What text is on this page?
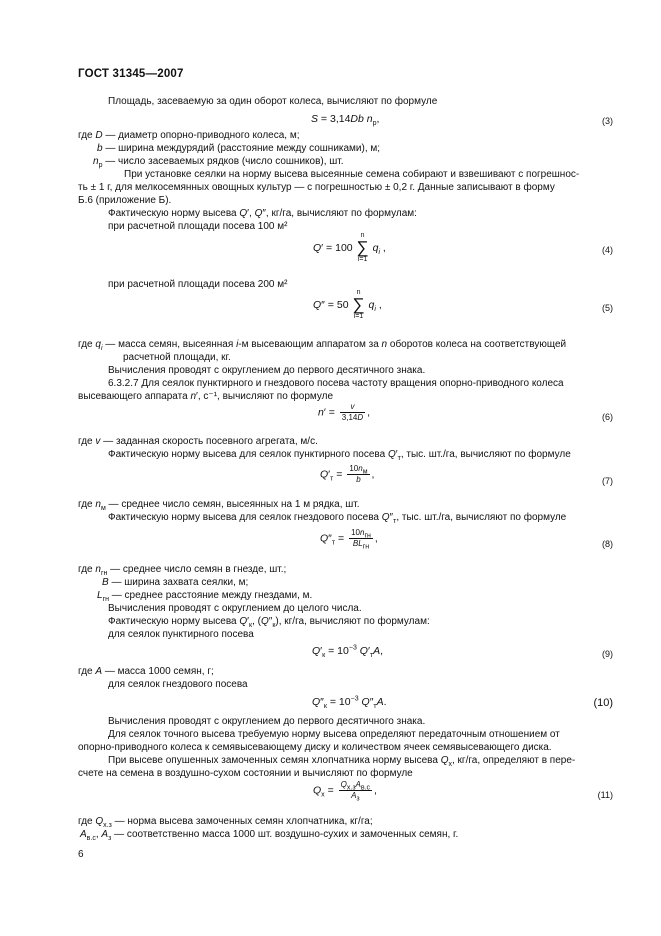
ГОСТ 31345—2007
Площадь, засеваемую за один оборот колеса, вычисляют по формуле
S = 3,14Db $n_р$,	(3)
где D — диаметр опорно-приводного колеса, м;
b — ширина междурядий (расстояние между сошниками), м;
$n_р$ — число засеваемых рядков (число сошников), шт.
При установке сеялки на норму высева высеянные семена собирают и взвешивают с погрешнос-
ть ± 1 г, для мелкосемянных овощных культур — с погрешностью ± 0,2 г. Данные записывают в форму
Б.6 (приложение Б).
Фактическую норму высева Q′, Q″, кг/га, вычисляют по формулам:
при расчетной площади посева 100 м²
Q′ = 100 n
∑
i=1 $q_i$ ,	(4)
при расчетной площади посева 200 м²
Q″ = 50 n
∑
i=1 $q_i$ ,	(5)
где $q_i$ — масса семян, высеянная i-м высевающим аппаратом за n оборотов колеса на соответствующей
расчетной площади, кг.
Вычисления проводят с округлением до первого десятичного знака.
6.3.2.7 Для сеялок пунктирного и гнездового посева частоту вращения опорно-приводного колеса
высевающего аппарата n′, с⁻¹, вычисляют по формуле
$n' = \frac{v}{3,14D}$ ,	(6)
где v — заданная скорость посевного агрегата, м/с.
Фактическую норму высева для сеялок пунктирного посева $Q'_т$, тыс. шт./га, вычисляют по формуле
$Q'_т = \frac{10n_м}{b}$ ,
(7)
где $n_м$ — среднее число семян, высеянных на 1 м рядка, шт.
Фактическую норму высева для сеялок гнездового посева $Q''_т$, тыс. шт./га, вычисляют по формуле
$Q''_т = \frac{10n_{гн}}{BL_{гн}}$ ,	(8)
где $n_{гн}$ — среднее число семян в гнезде, шт.;
B — ширина захвата сеялки, м;
$L_{гн}$ — среднее расстояние между гнездами, м.
Вычисления проводят с округлением до целого числа.
Фактическую норму высева $Q'_к$, $(Q''_к)$, кг/га, вычисляют по формулам:
для сеялок пунктирного посева
$Q'_к = 10^{-3}$ $Q'_тA$,	(9)
где A — масса 1000 семян, г;
для сеялок гнездового посева
$Q''_к = 10^{-3}$ $Q''_тA$.	(10)
Вычисления проводят с округлением до первого десятичного знака.
Для сеялок точного высева требуемую норму высева определяют передаточным отношением от
опорно-приводного колеса к семявысевающему диску и количеством ячеек семявысевающего диска.
При высеве опушенных замоченных семян хлопчатника норму высева $Q_х$, кг/га, определяют в пере-
счете на семена в воздушно-сухом состоянии и вычисляют по формуле
$Q_х = \frac{Q_{х.з}A_{в.с}}{A_з}$ ,	(11)
где $Q_{х.з}$ — норма высева замоченных семян хлопчатника, кг/га;
$A_{в.с}$, $A_з$ — соответственно масса 1000 шт. воздушно-сухих и замоченных семян, г.
6
